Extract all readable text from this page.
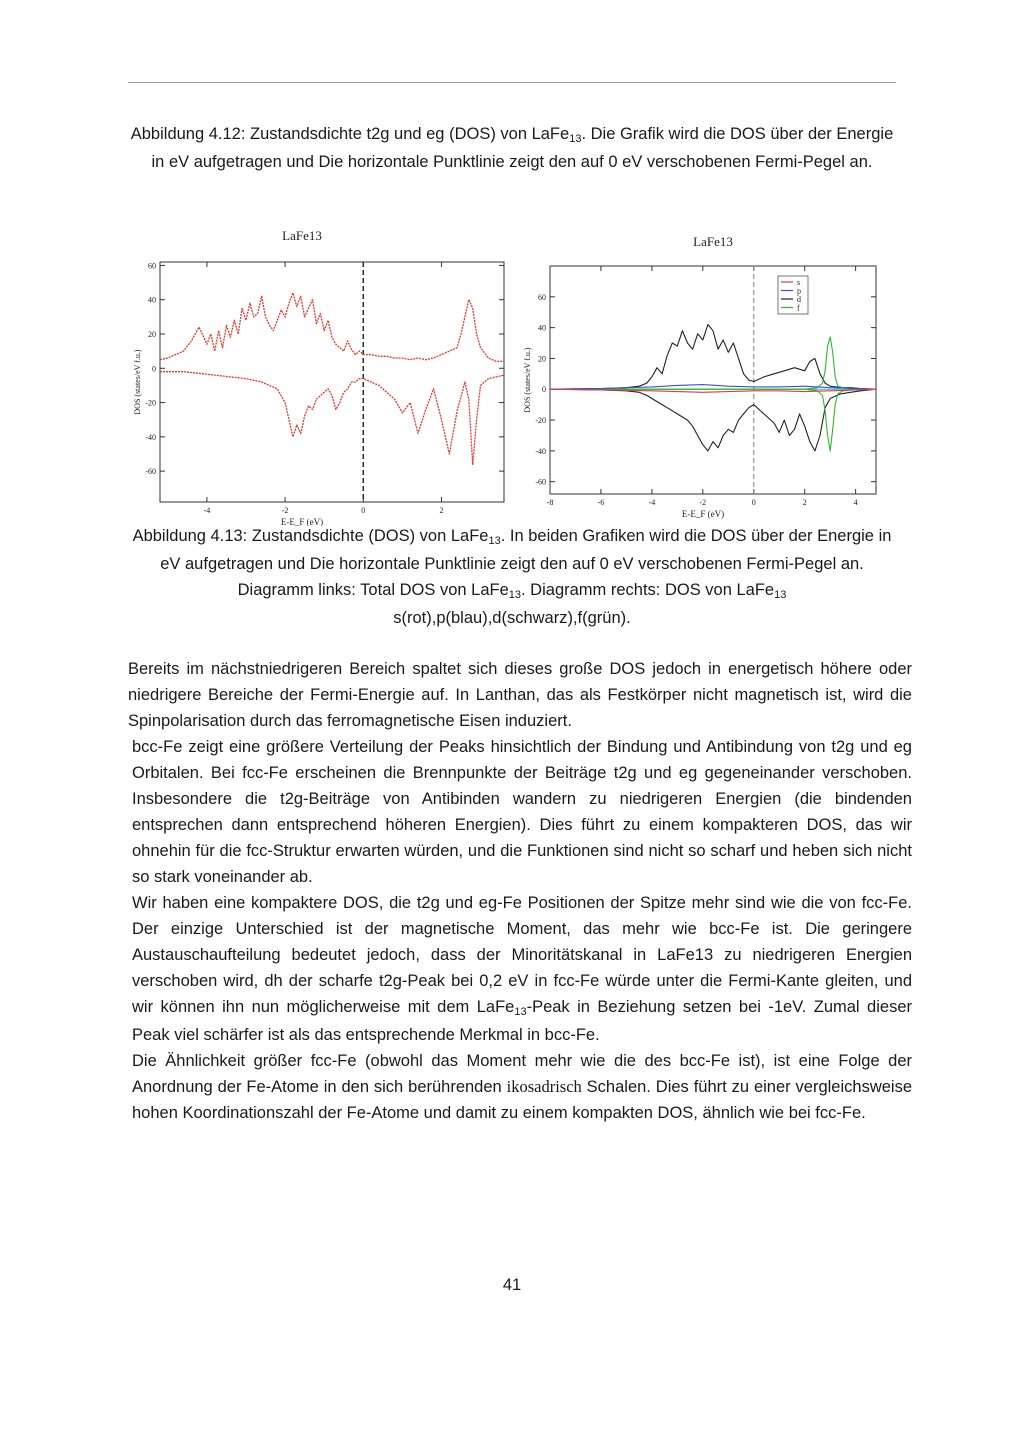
Abbildung 4.12: Zustandsdichte t2g und eg (DOS) von LaFe$_{13}$. Die Grafik wird die DOS über der Energie in eV aufgetragen und Die horizontale Punktlinie zeigt den auf 0 eV verschobenen Fermi-Pegel an.
LaFe13
60
40
20
0
-20
-40
-60
-4	-2	0	2
E-E_F (eV)
DOS (states/eV f.u.)
LaFe13
60
40
20
0
-20
-40
-60
-8	-6	-4	-2	0	2	4
E-E_F (eV)
DOS (states/eV f.u.)
s
p
d
f
Abbildung 4.13: Zustandsdichte (DOS) von LaFe$_{13}$. In beiden Grafiken wird die DOS über der Energie in eV aufgetragen und Die horizontale Punktlinie zeigt den auf 0 eV verschobenen Fermi-Pegel an. Diagramm links: Total DOS von LaFe$_{13}$. Diagramm rechts: DOS von LaFe$_{13}$ s(rot),p(blau),d(schwarz),f(grün).

Bereits im nächstniedrigeren Bereich spaltet sich dieses große DOS jedoch in energetisch höhere oder niedrigere Bereiche der Fermi-Energie auf. In Lanthan, das als Festkörper nicht magnetisch ist, wird die Spinpolarisation durch das ferromagnetische Eisen induziert.

bcc-Fe zeigt eine größere Verteilung der Peaks hinsichtlich der Bindung und Antibindung von t2g und eg Orbitalen. Bei fcc-Fe erscheinen die Brennpunkte der Beiträge t2g und eg gegeneinander verschoben. Insbesondere die t2g-Beiträge von Antibinden wandern zu niedrigeren Energien (die bindenden entsprechen dann entsprechend höheren Energien). Dies führt zu einem kompakteren DOS, das wir ohnehin für die fcc-Struktur erwarten würden, und die Funktionen sind nicht so scharf und heben sich nicht so stark voneinander ab.

Wir haben eine kompaktere DOS, die t2g und eg-Fe Positionen der Spitze mehr sind wie die von fcc-Fe. Der einzige Unterschied ist der magnetische Moment, das mehr wie bcc-Fe ist. Die geringere Austauschaufteilung bedeutet jedoch, dass der Minoritätskanal in LaFe13 zu niedrigeren Energien verschoben wird, dh der scharfe t2g-Peak bei 0,2 eV in fcc-Fe würde unter die Fermi-Kante gleiten, und wir können ihn nun möglicherweise mit dem LaFe$_{13}$-Peak in Beziehung setzen bei -1eV. Zumal dieser Peak viel schärfer ist als das entsprechende Merkmal in bcc-Fe.

Die Ähnlichkeit größer fcc-Fe (obwohl das Moment mehr wie die des bcc-Fe ist), ist eine Folge der Anordnung der Fe-Atome in den sich berührenden ikosadrisch Schalen. Dies führt zu einer vergleichsweise hohen Koordinationszahl der Fe-Atome und damit zu einem kompakten DOS, ähnlich wie bei fcc-Fe.

41
